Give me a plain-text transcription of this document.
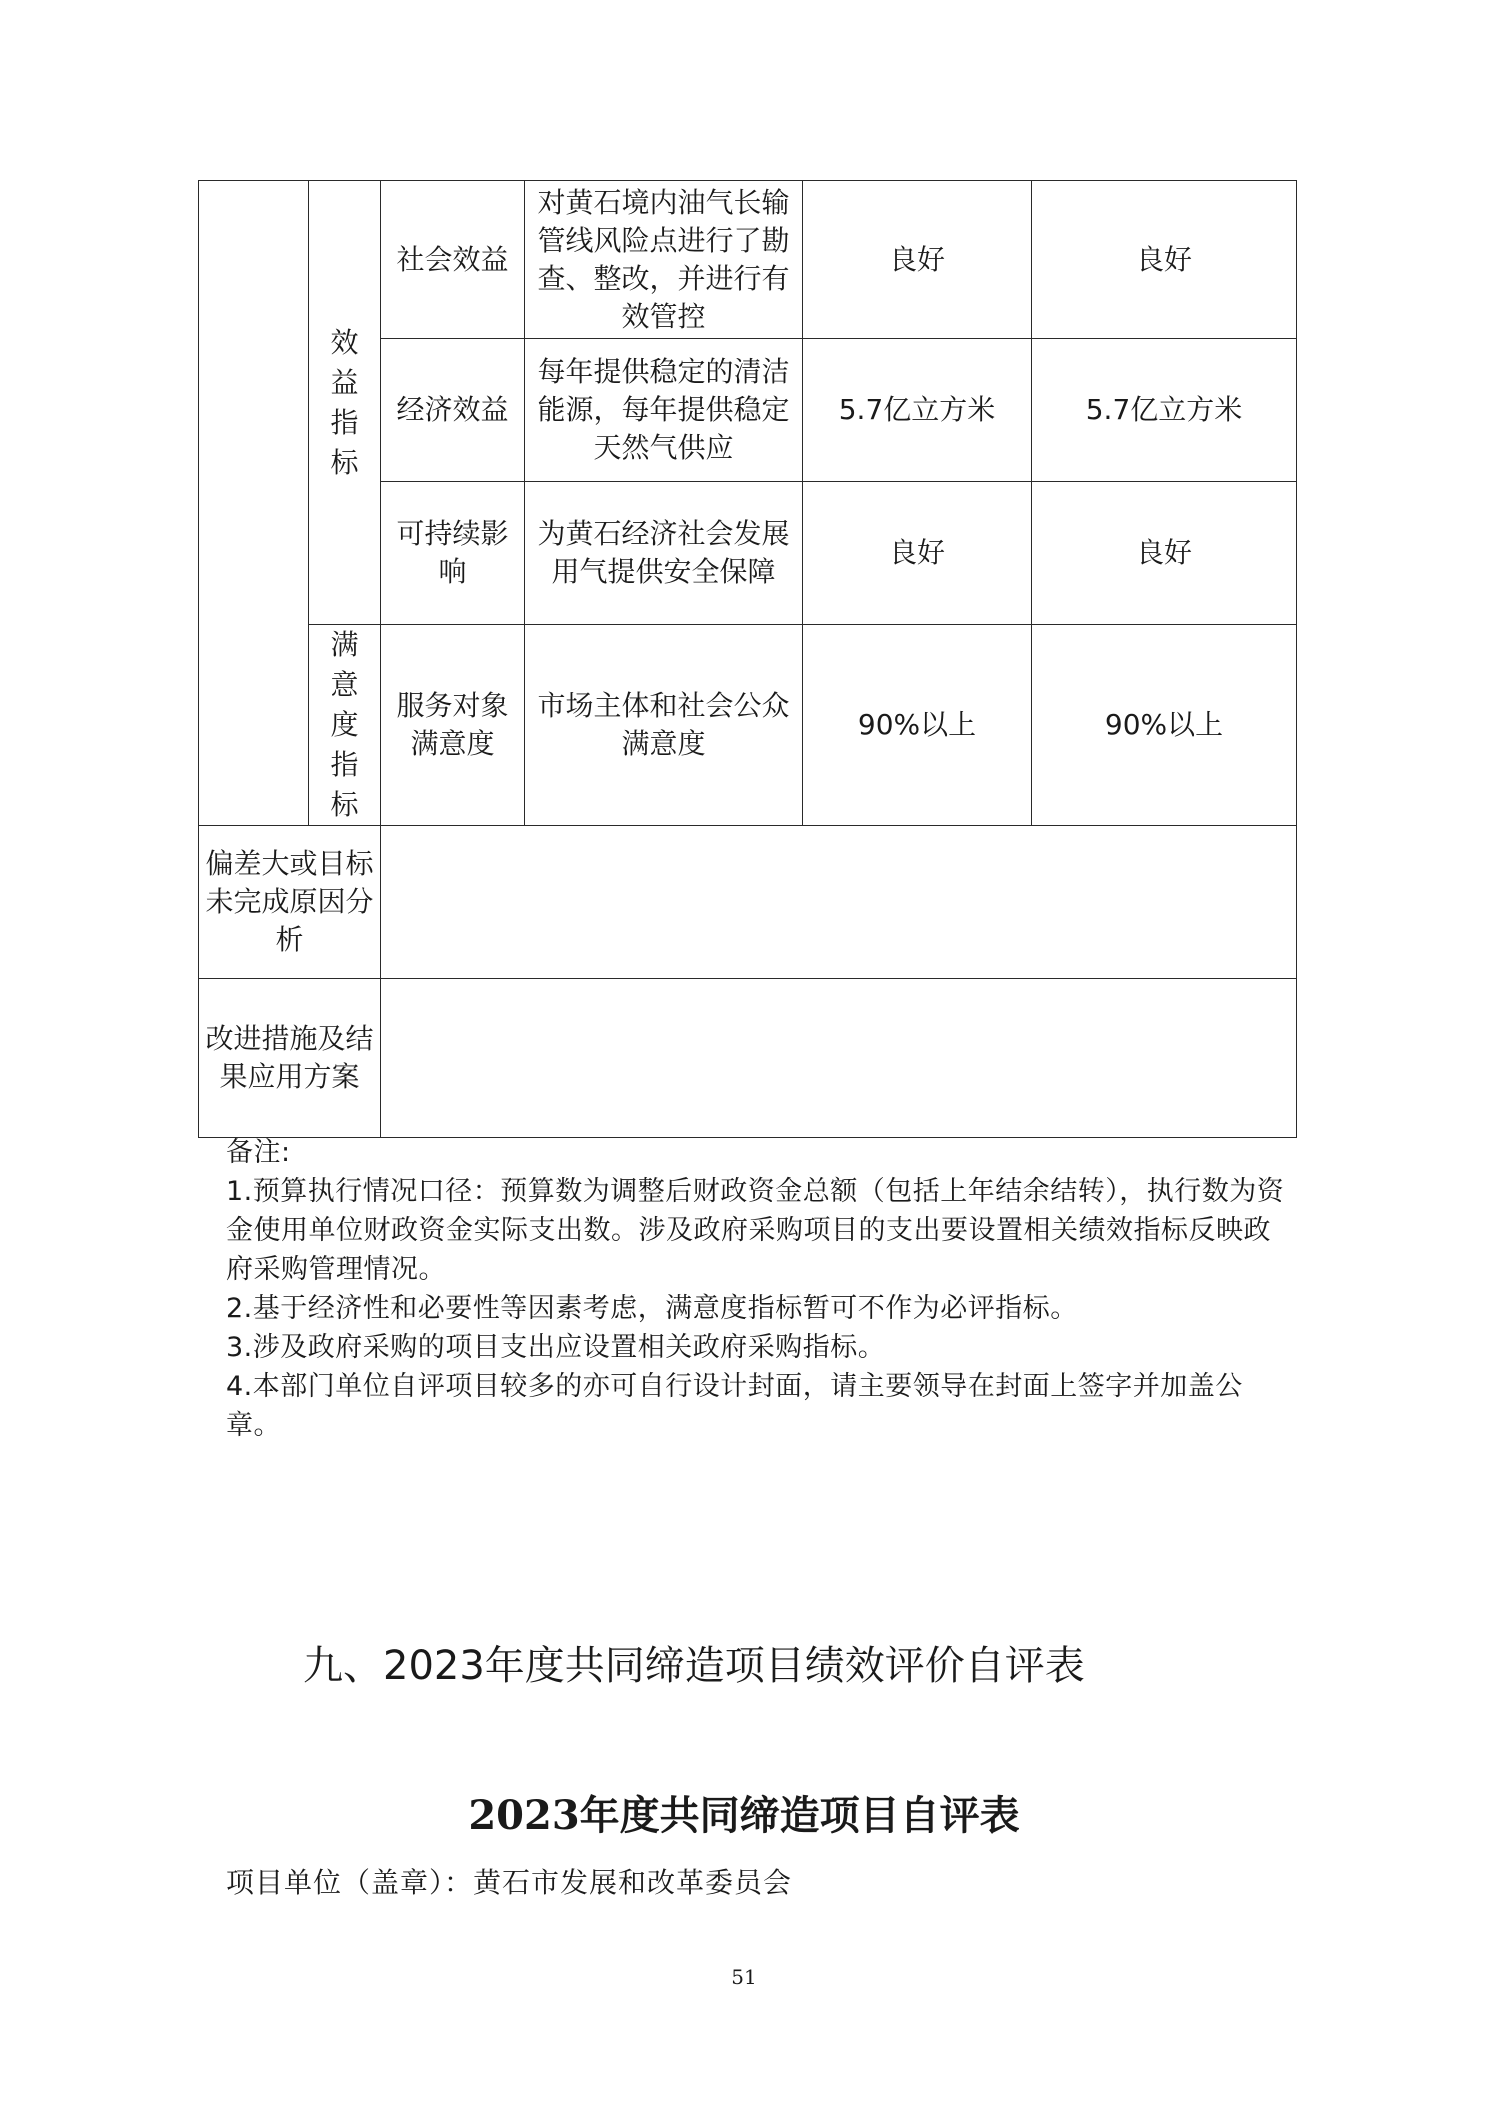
	效益指标	社会效益	对黄石境内油气长输管线风险点进行了勘查、整改，并进行有效管控	良好	良好
		经济效益	每年提供稳定的清洁能源，每年提供稳定天然气供应	5.7亿立方米	5.7亿立方米
		可持续影响	为黄石经济社会发展用气提供安全保障	良好	良好
	满意度指标	服务对象满意度	市场主体和社会公众满意度	90%以上	90%以上
偏差大或目标未完成原因分析					
改进措施及结果应用方案					

备注:

1.预算执行情况口径：预算数为调整后财政资金总额（包括上年结余结转），执行数为资金使用单位财政资金实际支出数。涉及政府采购项目的支出要设置相关绩效指标反映政府采购管理情况。

2.基于经济性和必要性等因素考虑，满意度指标暂可不作为必评指标。

3.涉及政府采购的项目支出应设置相关政府采购指标。

4.本部门单位自评项目较多的亦可自行设计封面，请主要领导在封面上签字并加盖公章。

九、2023年度共同缔造项目绩效评价自评表
2023年度共同缔造项目自评表
项目单位（盖章）：黄石市发展和改革委员会
51
